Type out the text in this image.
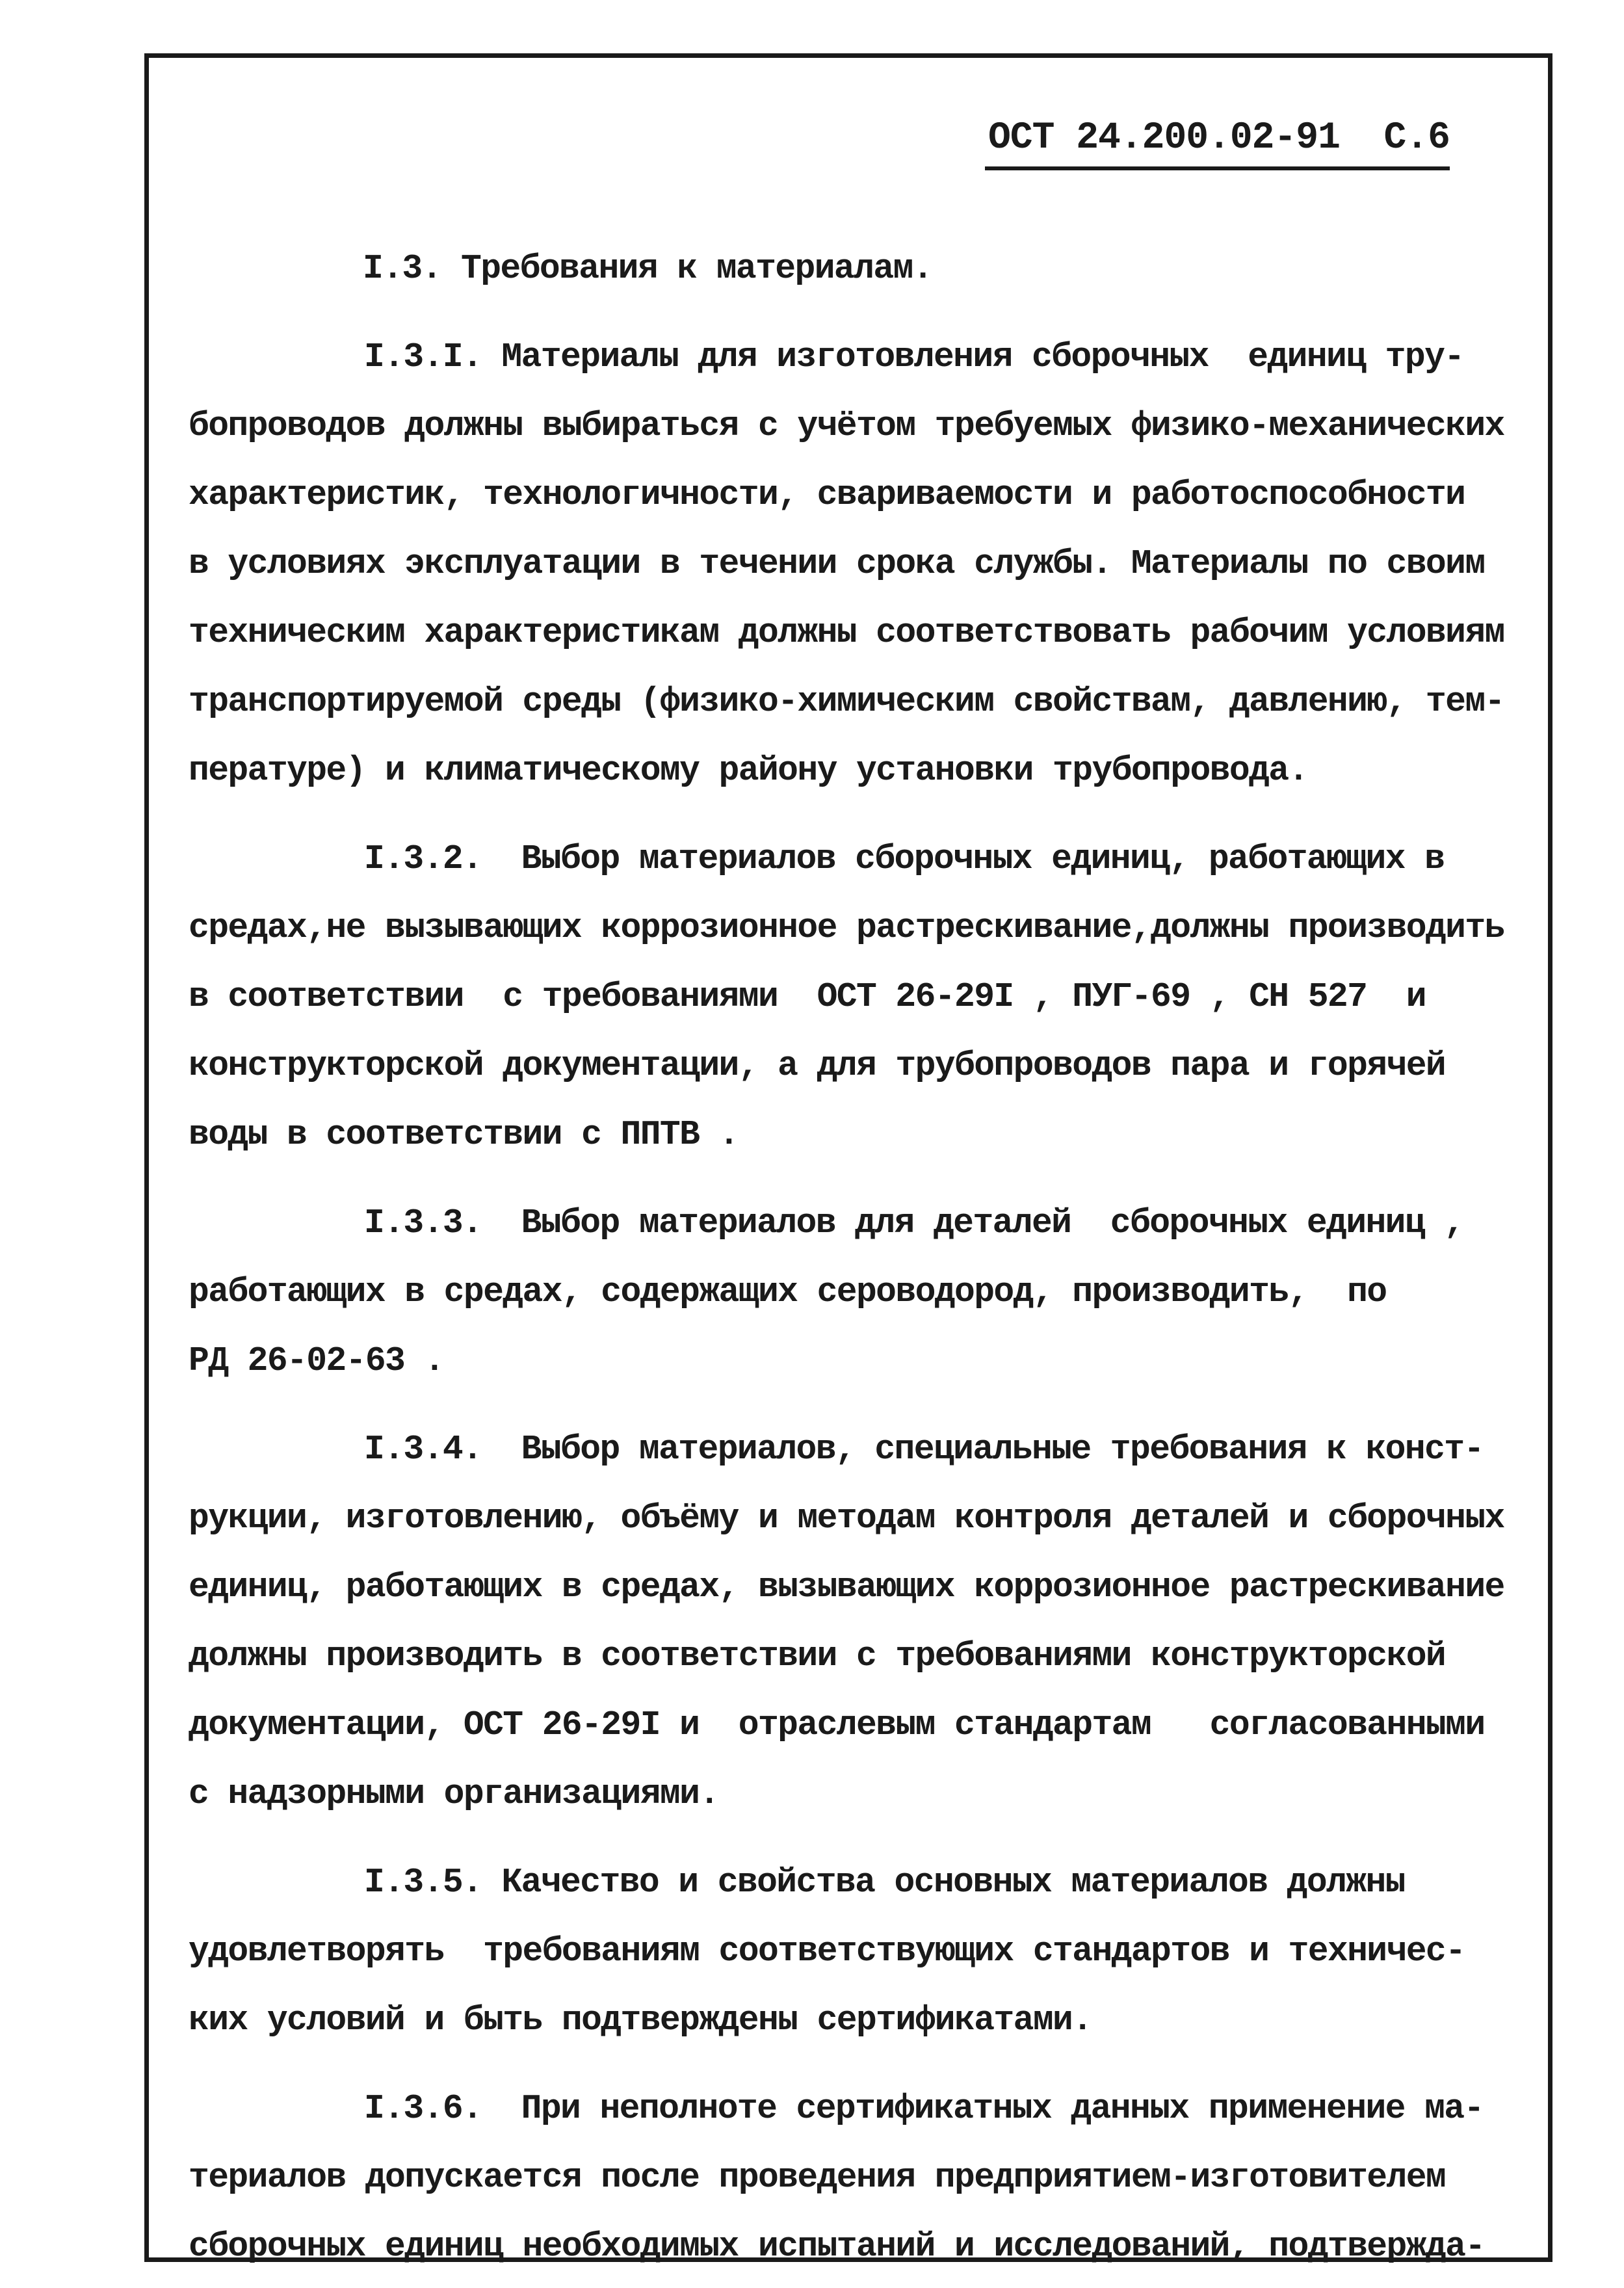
ОСТ 24.200.02-91 С.6
I.3. Требования к материалам.
I.3.I. Материалы для изготовления сборочных  единиц тру-
бопроводов должны выбираться с учётом требуемых физико-механических
характеристик, технологичности, свариваемости и работоспособности
в условиях эксплуатации в течении срока службы. Материалы по своим
техническим характеристикам должны соответствовать рабочим условиям
транспортируемой среды (физико-химическим свойствам, давлению, тем-
пературе) и климатическому району установки трубопровода.
I.3.2.  Выбор материалов сборочных единиц, работающих в
средах,не вызывающих коррозионное растрескивание,должны производить
в соответствии  с требованиями  ОСТ 26-29I , ПУГ-69 , СН 527  и
конструкторской документации, а для трубопроводов пара и горячей
воды в соответствии с ППТВ .
I.3.3.  Выбор материалов для деталей  сборочных единиц ,
работающих в средах, содержащих сероводород, производить,  по
РД 26-02-63 .
I.3.4.  Выбор материалов, специальные требования к конст-
рукции, изготовлению, объёму и методам контроля деталей и сборочных
единиц, работающих в средах, вызывающих коррозионное растрескивание
должны производить в соответствии с требованиями конструкторской
документации, ОСТ 26-29I и  отраслевым стандартам   согласованными
с надзорными организациями.
I.3.5. Качество и свойства основных материалов должны
удовлетворять  требованиям соответствующих стандартов и техничес-
ких условий и быть подтверждены сертификатами.
I.3.6.  При неполноте сертификатных данных применение ма-
териалов допускается после проведения предприятием-изготовителем
сборочных единиц необходимых испытаний и исследований, подтвержда-
